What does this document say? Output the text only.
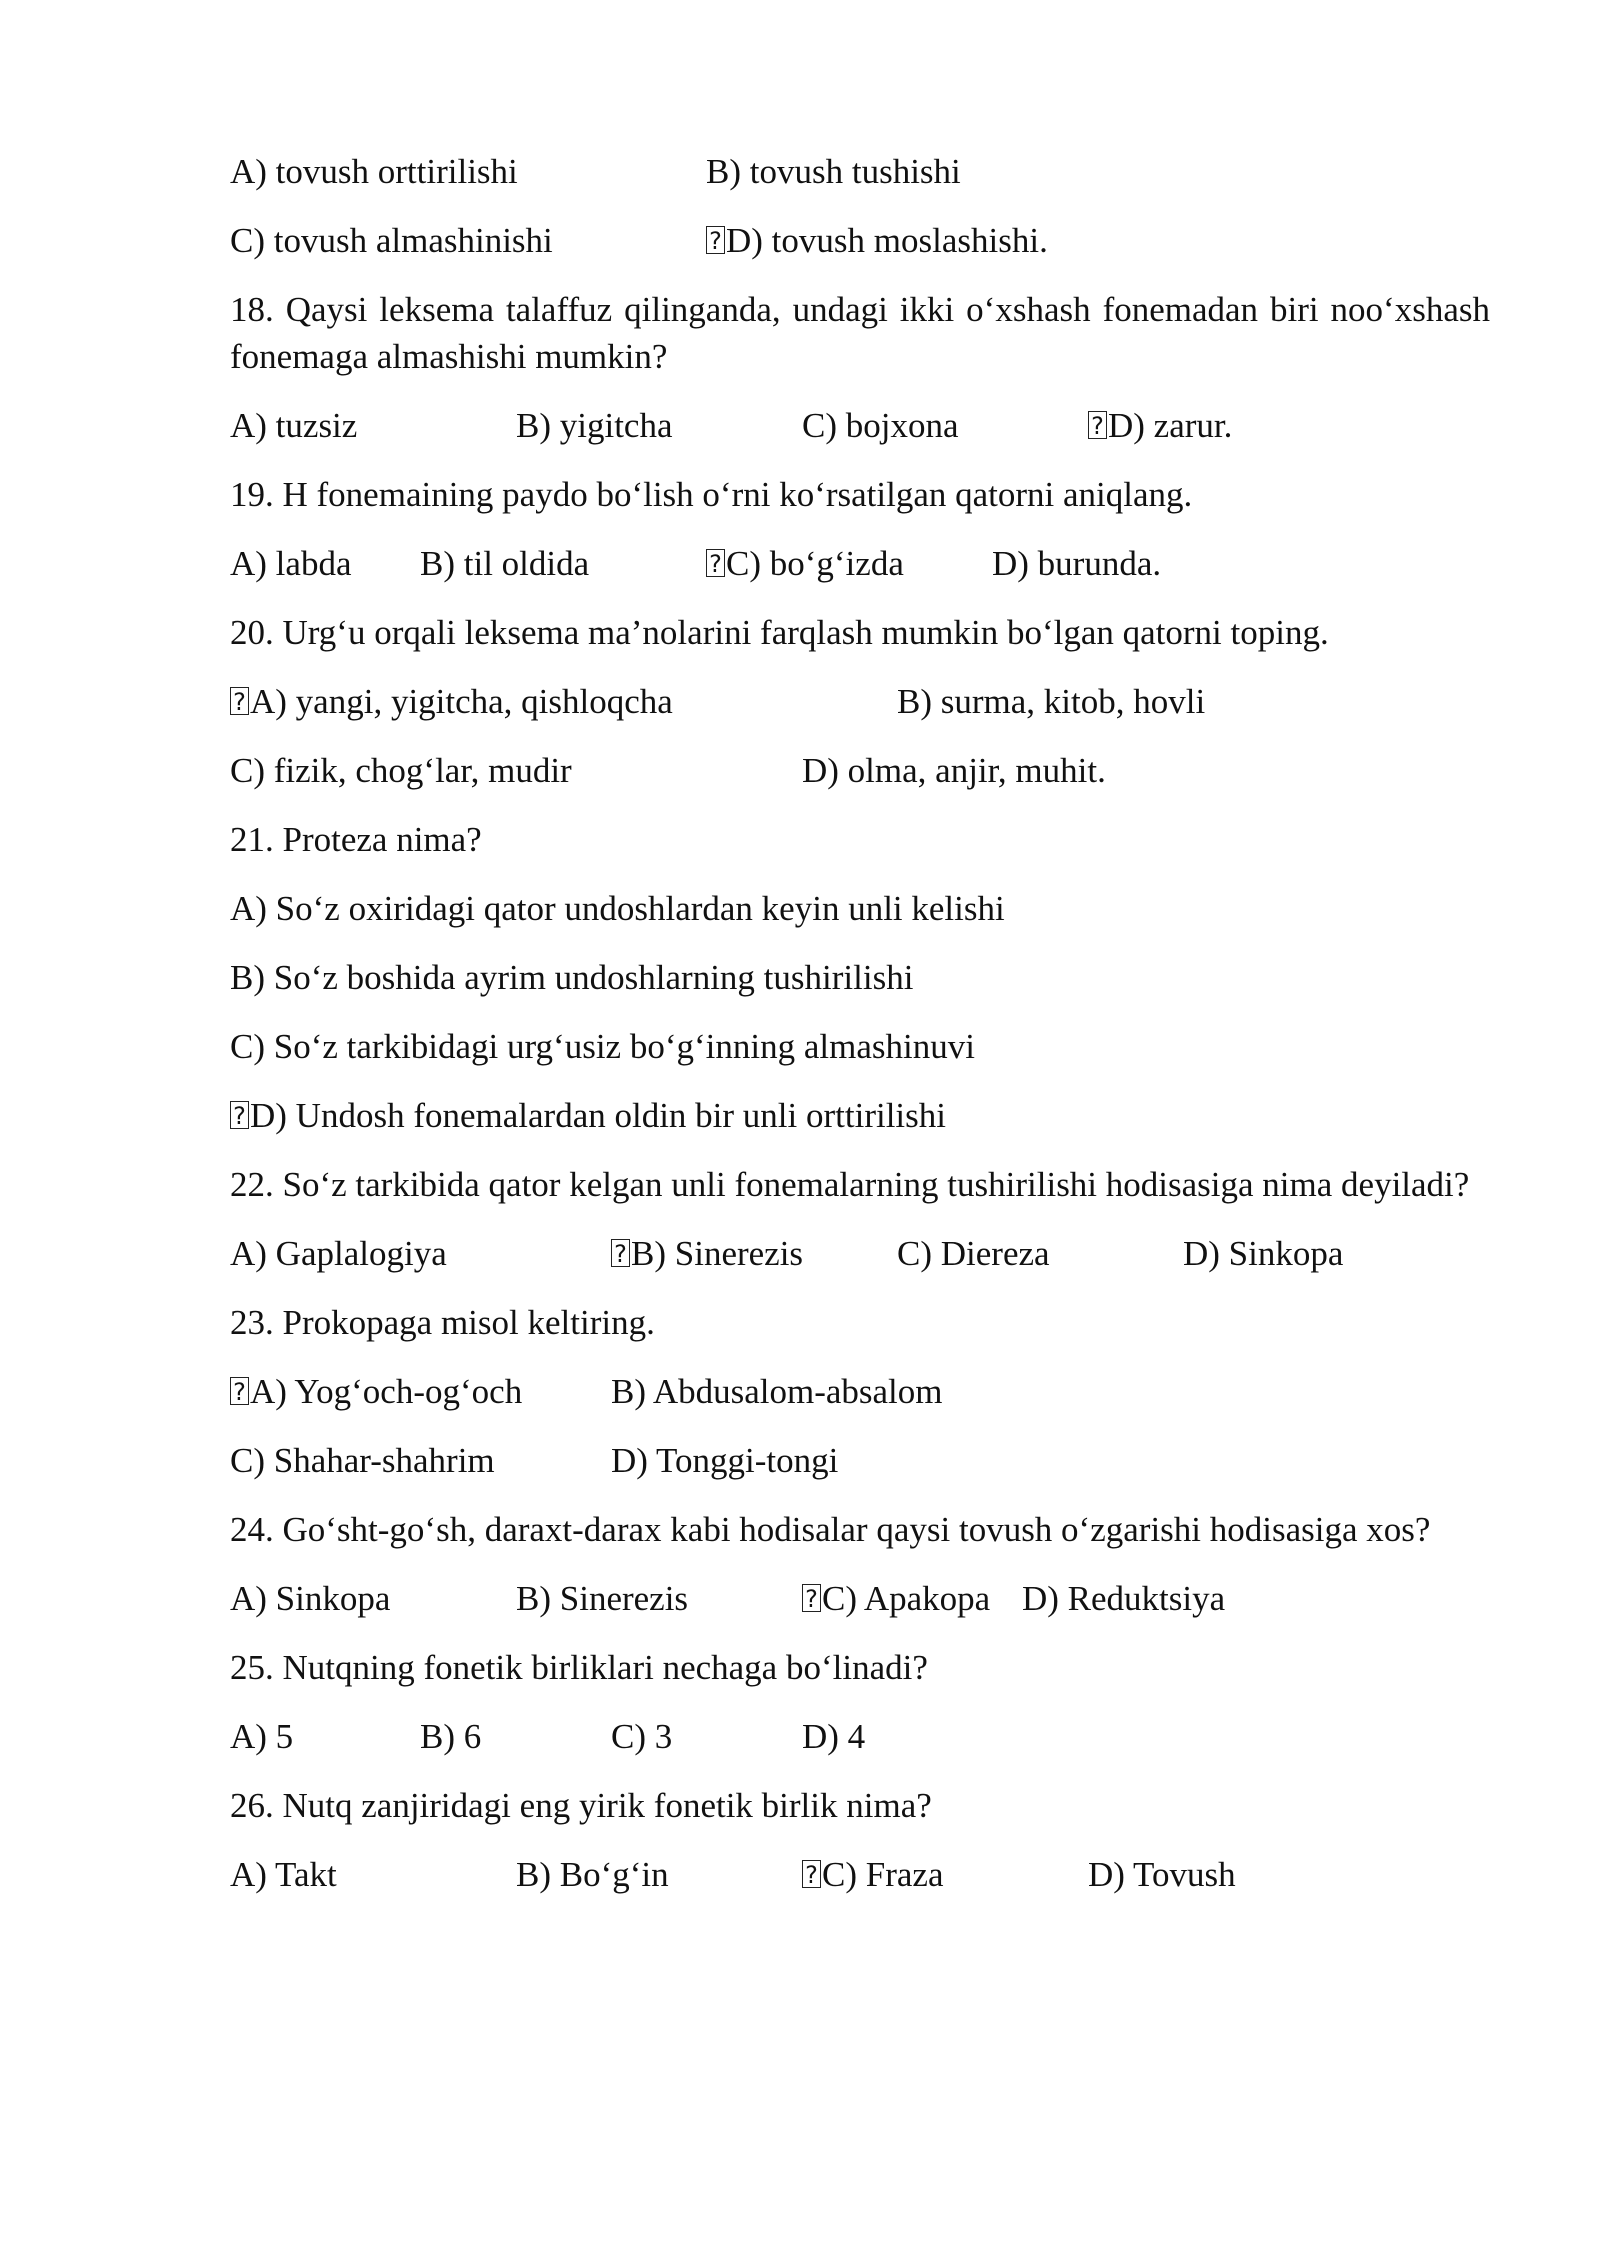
A) tovush orttirilishi	B) tovush tushishi
C) tovush almashinishi	? D) tovush moslashishi.
18. Qaysi leksema talaffuz qilinganda, undagi ikki o‘xshash fonemadan biri noo‘xshash fonemaga almashishi mumkin?
A) tuzsiz	B) yigitcha	C) bojxona	? D) zarur.
19. H fonemaining paydo bo‘lish o‘rni ko‘rsatilgan qatorni aniqlang.
A) labda B) til oldida	? C) bo‘g‘izda	D) burunda.
20. Urg‘u orqali leksema ma’nolarini farqlash mumkin bo‘lgan qatorni toping.
? A) yangi, yigitcha, qishloqcha	B) surma, kitob, hovli
C) fizik, chog‘lar, mudir	D) olma, anjir, muhit.
21. Proteza nima?
A) So‘z oxiridagi qator undoshlardan keyin unli kelishi
B) So‘z boshida ayrim undoshlarning tushirilishi
C) So‘z tarkibidagi urg‘usiz bo‘g‘inning almashinuvi
? D) Undosh fonemalardan oldin bir unli orttirilishi
22. So‘z tarkibida qator kelgan unli fonemalarning tushirilishi hodisasiga nima deyiladi?
A) Gaplalogiya	? B) Sinerezis	C) Diereza	D) Sinkopa
23. Prokopaga misol keltiring.
? A) Yog‘och-og‘och	B) Abdusalom-absalom
C) Shahar-shahrim	D) Tonggi-tongi
24. Go‘sht-go‘sh, daraxt-darax kabi hodisalar qaysi tovush o‘zgarishi hodisasiga xos?
A) Sinkopa	B) Sinerezis	? C) Apakopa D) Reduktsiya
25. Nutqning fonetik birliklari nechaga bo‘linadi?
A) 5	B) 6	C) 3	D) 4
26. Nutq zanjiridagi eng yirik fonetik birlik nima?
A) Takt	B) Bo‘g‘in	? C) Fraza	D) Tovush
